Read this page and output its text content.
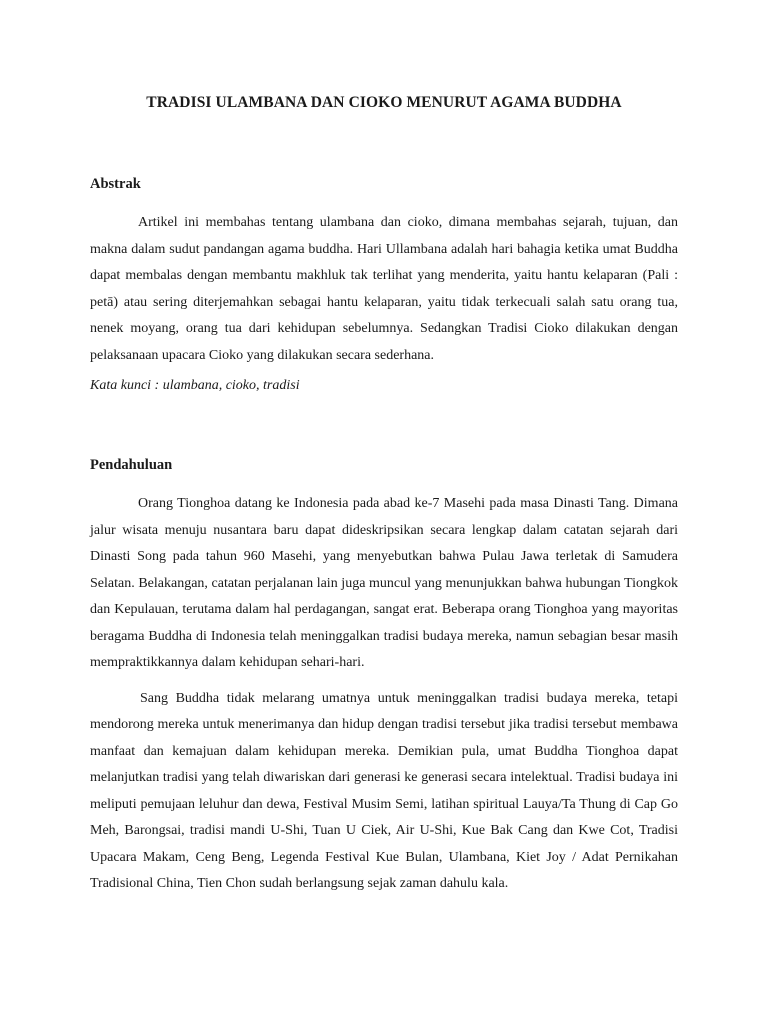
TRADISI ULAMBANA DAN CIOKO MENURUT AGAMA BUDDHA

Abstrak

Artikel ini membahas tentang ulambana dan cioko, dimana membahas sejarah, tujuan, dan makna dalam sudut pandangan agama buddha. Hari Ullambana adalah hari bahagia ketika umat Buddha dapat membalas dengan membantu makhluk tak terlihat yang menderita, yaitu hantu kelaparan (Pali : petā) atau sering diterjemahkan sebagai hantu kelaparan, yaitu tidak terkecuali salah satu orang tua, nenek moyang, orang tua dari kehidupan sebelumnya. Sedangkan Tradisi Cioko dilakukan dengan pelaksanaan upacara Cioko yang dilakukan secara sederhana.

Kata kunci : ulambana, cioko, tradisi

Pendahuluan

Orang Tionghoa datang ke Indonesia pada abad ke-7 Masehi pada masa Dinasti Tang. Dimana jalur wisata menuju nusantara baru dapat dideskripsikan secara lengkap dalam catatan sejarah dari Dinasti Song pada tahun 960 Masehi, yang menyebutkan bahwa Pulau Jawa terletak di Samudera Selatan. Belakangan, catatan perjalanan lain juga muncul yang menunjukkan bahwa hubungan Tiongkok dan Kepulauan, terutama dalam hal perdagangan, sangat erat. Beberapa orang Tionghoa yang mayoritas beragama Buddha di Indonesia telah meninggalkan tradisi budaya mereka, namun sebagian besar masih mempraktikkannya dalam kehidupan sehari-hari.

Sang Buddha tidak melarang umatnya untuk meninggalkan tradisi budaya mereka, tetapi mendorong mereka untuk menerimanya dan hidup dengan tradisi tersebut jika tradisi tersebut membawa manfaat dan kemajuan dalam kehidupan mereka. Demikian pula, umat Buddha Tionghoa dapat melanjutkan tradisi yang telah diwariskan dari generasi ke generasi secara intelektual. Tradisi budaya ini meliputi pemujaan leluhur dan dewa, Festival Musim Semi, latihan spiritual Lauya/Ta Thung di Cap Go Meh, Barongsai, tradisi mandi U-Shi, Tuan U Ciek, Air U-Shi, Kue Bak Cang dan Kwe Cot, Tradisi Upacara Makam, Ceng Beng, Legenda Festival Kue Bulan, Ulambana, Kiet Joy / Adat Pernikahan Tradisional China, Tien Chon sudah berlangsung sejak zaman dahulu kala.
